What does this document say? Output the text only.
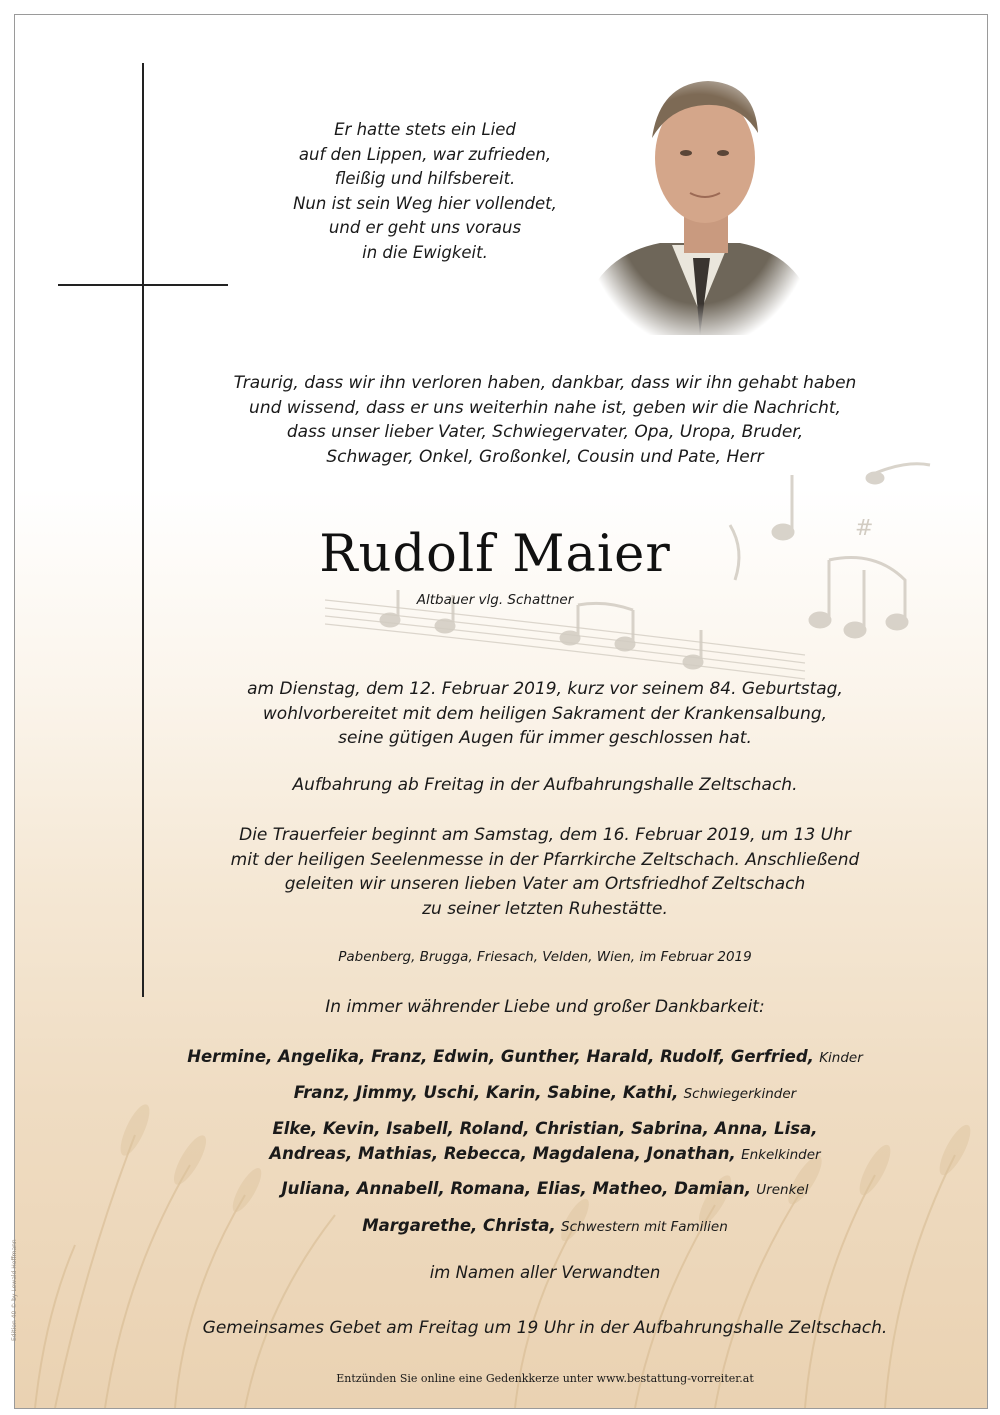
Er hatte stets ein Lied
auf den Lippen, war zufrieden,
fleißig und hilfsbereit.
Nun ist sein Weg hier vollendet,
und er geht uns voraus
in die Ewigkeit.
Traurig, dass wir ihn verloren haben, dankbar, dass wir ihn gehabt haben
und wissend, dass er uns weiterhin nahe ist, geben wir die Nachricht,
dass unser lieber Vater, Schwiegervater, Opa, Uropa, Bruder,
Schwager, Onkel, Großonkel, Cousin und Pate, Herr
#
Rudolf Maier
Altbauer vlg. Schattner
am Dienstag, dem 12. Februar 2019, kurz vor seinem 84. Geburtstag,
wohlvorbereitet mit dem heiligen Sakrament der Krankensalbung,
seine gütigen Augen für immer geschlossen hat.
Aufbahrung ab Freitag in der Aufbahrungshalle Zeltschach.
Die Trauerfeier beginnt am Samstag, dem 16. Februar 2019, um 13 Uhr
mit der heiligen Seelenmesse in der Pfarrkirche Zeltschach. Anschließend
geleiten wir unseren lieben Vater am Ortsfriedhof Zeltschach
zu seiner letzten Ruhestätte.
Pabenberg, Brugga, Friesach, Velden, Wien, im Februar 2019
In immer währender Liebe und großer Dankbarkeit:
Hermine, Angelika, Franz, Edwin, Gunther, Harald, Rudolf, Gerfried, Kinder
Franz, Jimmy, Uschi, Karin, Sabine, Kathi, Schwiegerkinder
Elke, Kevin, Isabell, Roland, Christian, Sabrina, Anna, Lisa,
Andreas, Mathias, Rebecca, Magdalena, Jonathan, Enkelkinder
Juliana, Annabell, Romana, Elias, Matheo, Damian, Urenkel
Margarethe, Christa, Schwestern mit Familien
im Namen aller Verwandten
Gemeinsames Gebet am Freitag um 19 Uhr in der Aufbahrungshalle Zeltschach.
Entzünden Sie online eine Gedenkkerze unter www.bestattung-vorreiter.at
Edition 40 © by Lewald Hoffmann
